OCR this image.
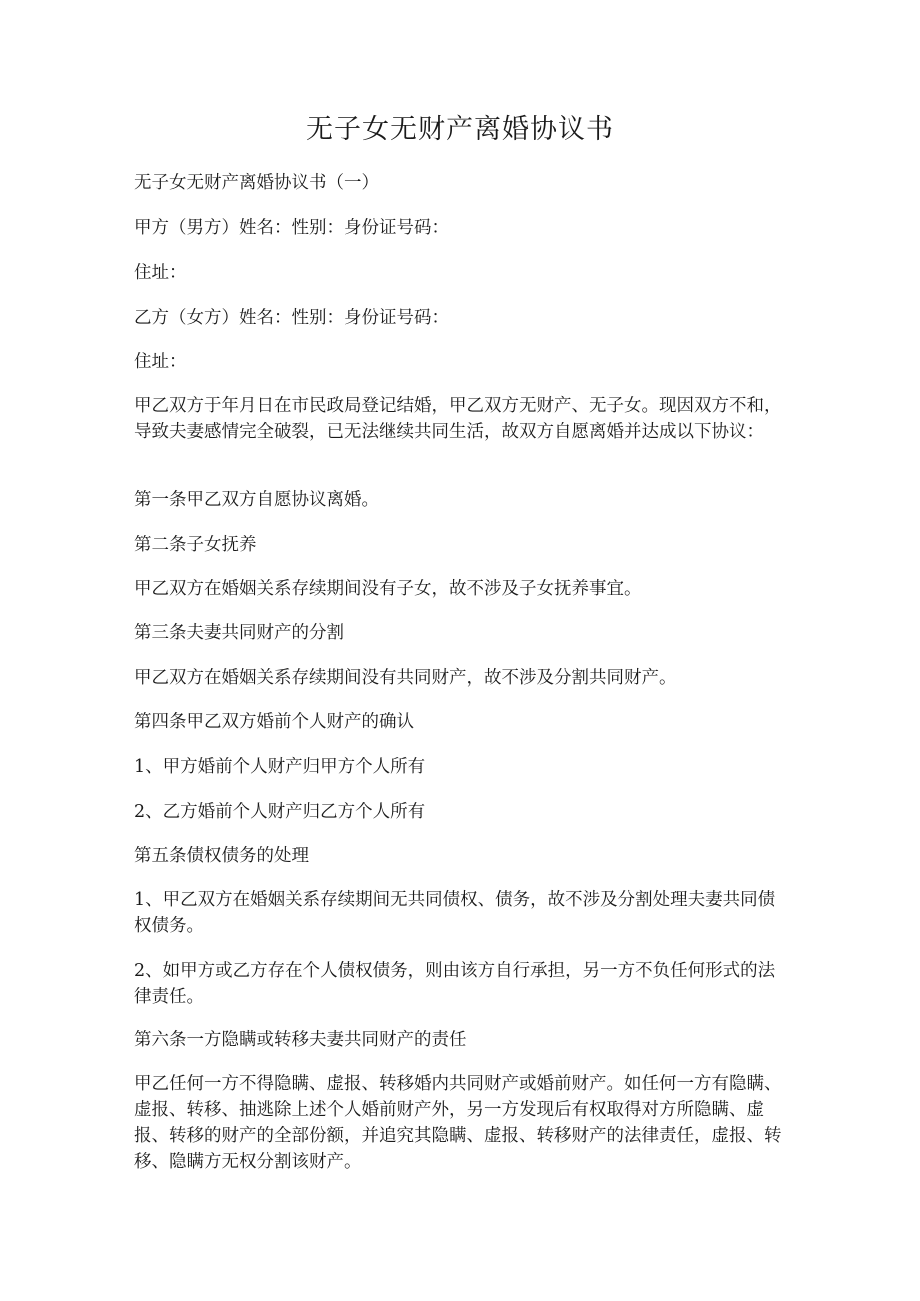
无子女无财产离婚协议书

无子女无财产离婚协议书（一）

甲方（男方）姓名：性别：身份证号码：

住址：

乙方（女方）姓名：性别：身份证号码：

住址：

甲乙双方于年月日在市民政局登记结婚，甲乙双方无财产、无子女。现因双方不和，导致夫妻感情完全破裂，已无法继续共同生活，故双方自愿离婚并达成以下协议：

第一条甲乙双方自愿协议离婚。

第二条子女抚养

甲乙双方在婚姻关系存续期间没有子女，故不涉及子女抚养事宜。

第三条夫妻共同财产的分割

甲乙双方在婚姻关系存续期间没有共同财产，故不涉及分割共同财产。

第四条甲乙双方婚前个人财产的确认

1、甲方婚前个人财产归甲方个人所有

2、乙方婚前个人财产归乙方个人所有

第五条债权债务的处理

1、甲乙双方在婚姻关系存续期间无共同债权、债务，故不涉及分割处理夫妻共同债权债务。

2、如甲方或乙方存在个人债权债务，则由该方自行承担，另一方不负任何形式的法律责任。

第六条一方隐瞒或转移夫妻共同财产的责任

甲乙任何一方不得隐瞒、虚报、转移婚内共同财产或婚前财产。如任何一方有隐瞒、虚报、转移、抽逃除上述个人婚前财产外，另一方发现后有权取得对方所隐瞒、虚报、转移的财产的全部份额，并追究其隐瞒、虚报、转移财产的法律责任，虚报、转移、隐瞒方无权分割该财产。
